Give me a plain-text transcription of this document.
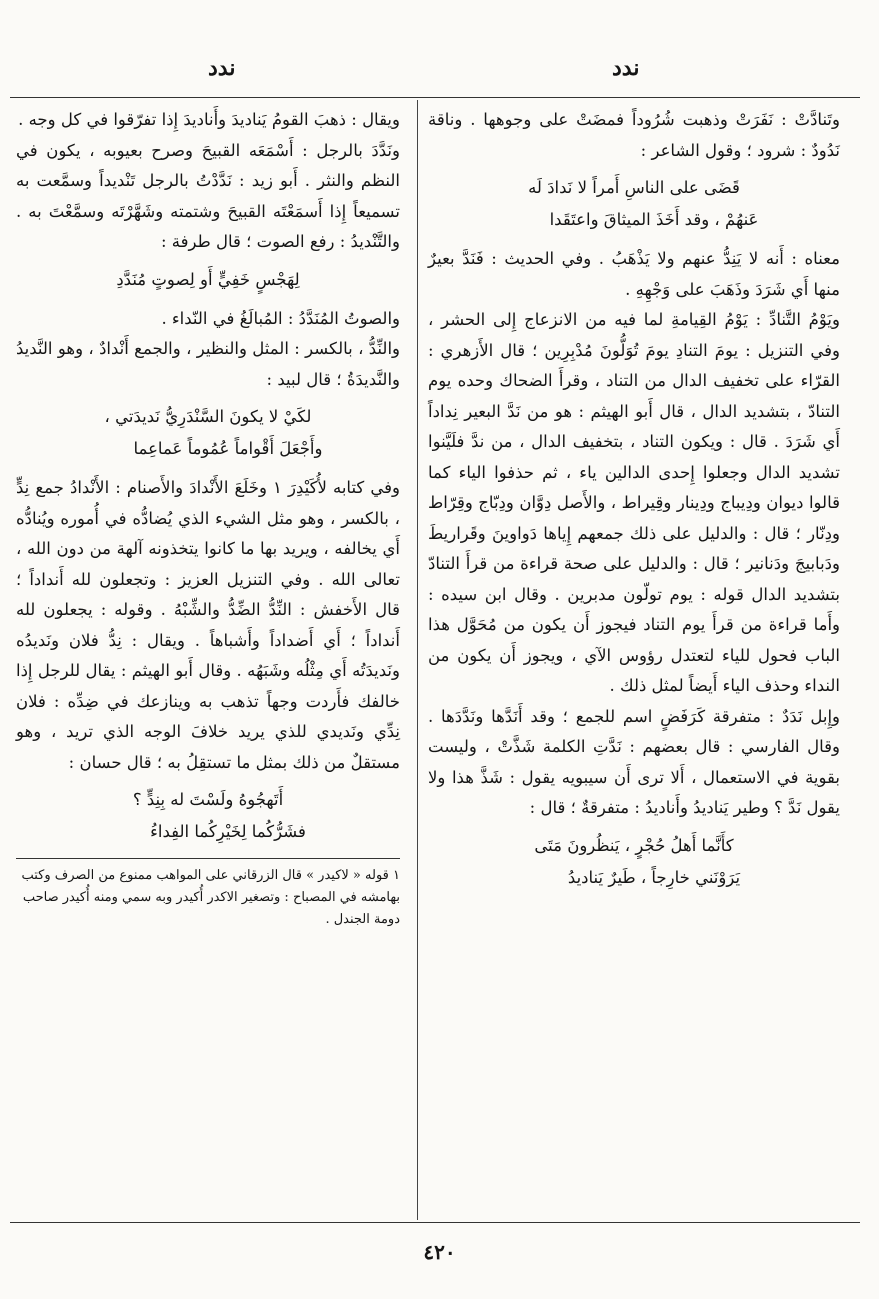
ندد	ندد

وتَنادَّتْ : نَفَرَتْ وذهبت شُرُوداً فمضَتْ على وجوهها . وناقة نَدُودٌ : شرود ؛ وقول الشاعر :

قَضَى على الناسِ أَمراً لا نَدادَ لَه
عَنهُمْ ، وقد أَخَذَ الميثاقَ واعتَقَدا

معناه : أَنه لا يَنِدُّ عنهم ولا يَذْهَبُ . وفي الحديث : فَنَدَّ بعيرٌ منها أَي شَرَدَ وذَهَبَ على وَجْهِهِ .

ويَوْمُ التَّنادِّ : يَوْمُ القِيامةِ لما فيه من الانزعاج إِلى الحشر ، وفي التنزيل : يومَ التنادِ يومَ تُوَلُّونَ مُدْبِرِين ؛ قال الأَزهري : القرّاء على تخفيف الدال من التناد ، وقرأَ الضحاك وحده يوم التنادّ ، بتشديد الدال ، قال أَبو الهيثم : هو من نَدَّ البعير نِداداً أَي شَرَدَ . قال : ويكون التناد ، بتخفيف الدال ، من ندَّ فلَيَّنوا تشديد الدال وجعلوا إِحدى الدالين ياء ، ثم حذفوا الياء كما قالوا ديوان ودِيباج ودِينار وقِيراط ، والأَصل دِوَّان ودِبّاج وقِرّاط ودِنّار ؛ قال : والدليل على ذلك جمعهم إِياها دَواوينَ وقَراريطَ ودَبابيجَ ودَنانير ؛ قال : والدليل على صحة قراءة من قرأَ التنادّ بتشديد الدال قوله : يوم تولّون مدبرين . وقال ابن سيده : وأَما قراءة من قرأَ يوم التناد فيجوز أَن يكون من مُحَوَّل هذا الباب فحول للياء لتعتدل رؤوس الآي ، ويجوز أَن يكون من النداء وحذف الياء أَيضاً لمثل ذلك .

وإِبل نَدَدٌ : متفرقة كَرَفَضٍ اسم للجمع ؛ وقد أَنَدَّها ونَدَّدَها . وقال الفارسي : قال بعضهم : نَدَّتِ الكلمة شَذَّتْ ، وليست بقوية في الاستعمال ، أَلا ترى أَن سيبويه يقول : شَذَّ هذا ولا يقول نَدَّ ؟ وطير يَناديدُ وأَناديدُ : متفرقةٌ ؛ قال :

كأَنَّما أَهلُ حُجْرٍ ، يَنظُرونَ مَتَى
يَرَوْنَني خارِجاً ، طَيرٌ يَناديدُ

ويقال : ذهبَ القومُ يَناديدَ وأَناديدَ إِذا تفرّقوا في كل وجه .

ونَدَّدَ بالرجل : أَسْمَعَه القبيحَ وصرح بعيوبه ، يكون في النظم والنثر . أَبو زيد : نَدَّدْتُ بالرجل تَنْديداً وسمَّعت به تسميعاً إِذا أَسمَعْتَه القبيحَ وشتمته وشَهَّرْتَه وسمَّعْتَ به . والتَّنْديدُ : رفع الصوت ؛ قال طرفة :

لِهَجْسٍ خَفِيٍّ أَو لِصوتٍ مُنَدَّدِ

والصوتُ المُنَدَّدُ : المُبالَغُ في النّداء .

والنِّدُّ ، بالكسر : المثل والنظير ، والجمع أَنْدادٌ ، وهو النَّديدُ والنَّديدَةُ ؛ قال لبيد :

لكَيْ لا يكونَ السَّنْدَرِيُّ نَديدَتي ،
وأَجْعَلَ أَقْواماً عُمُوماً عَماعِما

وفي كتابه لأُكَيْدِرَ ١ وخَلَعَ الأَنْدادَ والأَصنام : الأَنْدادُ جمع نِدٍّ ، بالكسر ، وهو مثل الشيء الذي يُضادُّه في أُموره ويُنادُّه أَي يخالفه ، ويريد بها ما كانوا يتخذونه آلهة من دون الله ، تعالى الله . وفي التنزيل العزيز : وتجعلون لله أَنداداً ؛ قال الأَخفش : النِّدُّ الضِّدُّ والشِّبْهُ . وقوله : يجعلون لله أَنداداً ؛ أَي أَضداداً وأَشباهاً . ويقال : نِدُّ فلان ونَديدُه ونَديدَتُه أَي مِثْلُه وشَبَهُه . وقال أَبو الهيثم : يقال للرجل إِذا خالفك فأَردت وجهاً تذهب به وينازعك في ضِدِّه : فلان نِدِّي ونَديدي للذي يريد خلافَ الوجه الذي تريد ، وهو مستقلٌ من ذلك بمثل ما تستقِلُ به ؛ قال حسان :

أَتَهجُوهُ ولَسْتَ له بِنِدٍّ ؟
فشَرُّكُما لِخَيْرِكُما الفِداءُ

١ قوله « لاكيدر » قال الزرقاني على المواهب ممنوع من الصرف وكتب بهامشه في المصباح : وتصغير الاكدر أُكيدر وبه سمي ومنه أُكيدر صاحب دومة الجندل .

٤٢٠
